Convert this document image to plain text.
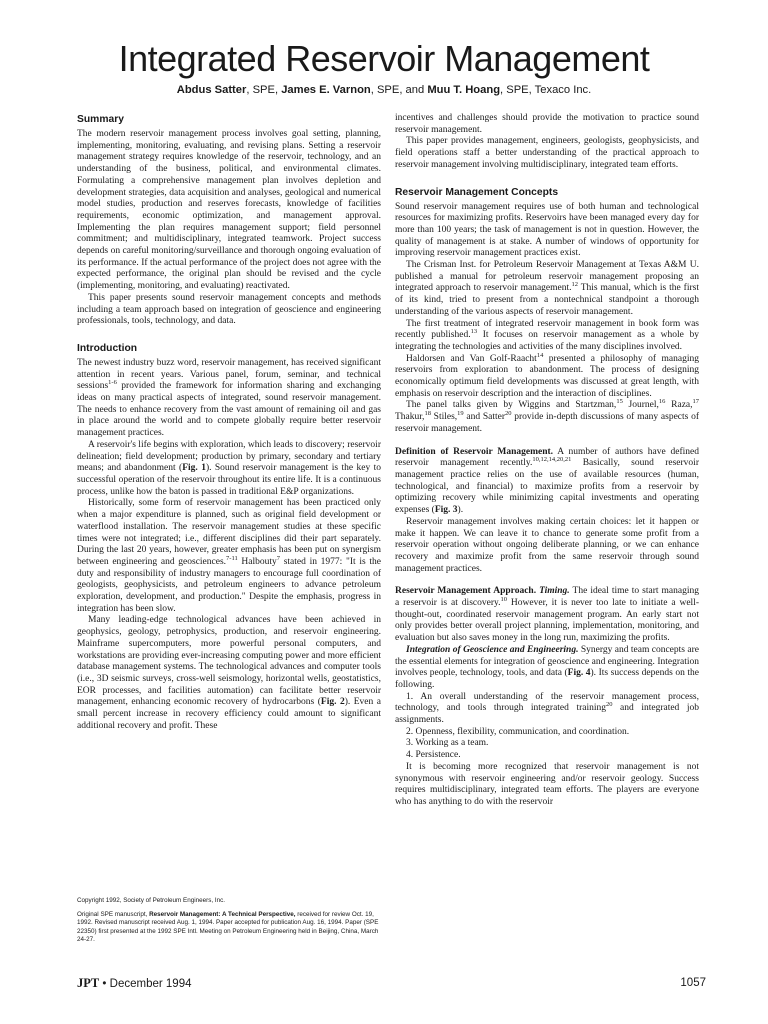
Integrated Reservoir Management

Abdus Satter, SPE, James E. Varnon, SPE, and Muu T. Hoang, SPE, Texaco Inc.

Summary

The modern reservoir management process involves goal setting, planning, implementing, monitoring, evaluating, and revising plans. Setting a reservoir management strategy requires knowledge of the reservoir, technology, and an understanding of the business, political, and environmental climates. Formulating a comprehensive management plan involves depletion and development strategies, data acquisition and analyses, geological and numerical model studies, production and reserves forecasts, knowledge of facilities requirements, economic optimization, and management approval. Implementing the plan requires management support; field personnel commitment; and multidisciplinary, integrated teamwork. Project success depends on careful monitoring/surveillance and thorough ongoing evaluation of its performance. If the actual performance of the project does not agree with the expected performance, the original plan should be revised and the cycle (implementing, monitoring, and evaluating) reactivated.

This paper presents sound reservoir management concepts and methods including a team approach based on integration of geoscience and engineering professionals, tools, technology, and data.

Introduction

The newest industry buzz word, reservoir management, has received significant attention in recent years. Various panel, forum, seminar, and technical sessions$^{1-6}$ provided the framework for information sharing and exchanging ideas on many practical aspects of integrated, sound reservoir management. The needs to enhance recovery from the vast amount of remaining oil and gas in place around the world and to compete globally require better reservoir management practices.

A reservoir's life begins with exploration, which leads to discovery; reservoir delineation; field development; production by primary, secondary and tertiary means; and abandonment (Fig. 1). Sound reservoir management is the key to successful operation of the reservoir throughout its entire life. It is a continuous process, unlike how the baton is passed in traditional E&P organizations.

Historically, some form of reservoir management has been practiced only when a major expenditure is planned, such as original field development or waterflood installation. The reservoir management studies at these specific times were not integrated; i.e., different disciplines did their part separately. During the last 20 years, however, greater emphasis has been put on synergism between engineering and geosciences.$^{7-11}$ Halbouty$^7$ stated in 1977: "It is the duty and responsibility of industry managers to encourage full coordination of geologists, geophysicists, and petroleum engineers to advance petroleum exploration, development, and production." Despite the emphasis, progress in integration has been slow.

Many leading-edge technological advances have been achieved in geophysics, geology, petrophysics, production, and reservoir engineering. Mainframe supercomputers, more powerful personal computers, and workstations are providing ever-increasing computing power and more efficient database management systems. The technological advances and computer tools (i.e., 3D seismic surveys, cross-well seismology, horizontal wells, geostatistics, EOR processes, and facilities automation) can facilitate better reservoir management, enhancing economic recovery of hydrocarbons (Fig. 2). Even a small percent increase in recovery efficiency could amount to significant additional recovery and profit. These

Copyright 1992, Society of Petroleum Engineers, Inc.

Original SPE manuscript, Reservoir Management: A Technical Perspective, received for review Oct. 19, 1992. Revised manuscript received Aug. 1, 1994. Paper accepted for publication Aug. 16, 1994. Paper (SPE 22350) first presented at the 1992 SPE Intl. Meeting on Petroleum Engineering held in Beijing, China, March 24-27.

incentives and challenges should provide the motivation to practice sound reservoir management.

This paper provides management, engineers, geologists, geophysicists, and field operations staff a better understanding of the practical approach to reservoir management involving multidisciplinary, integrated team efforts.

Reservoir Management Concepts

Sound reservoir management requires use of both human and technological resources for maximizing profits. Reservoirs have been managed every day for more than 100 years; the task of management is not in question. However, the quality of management is at stake. A number of windows of opportunity for improving reservoir management practices exist.

The Crisman Inst. for Petroleum Reservoir Management at Texas A&M U. published a manual for petroleum reservoir management proposing an integrated approach to reservoir management.$^{12}$ This manual, which is the first of its kind, tried to present from a nontechnical standpoint a thorough understanding of the various aspects of reservoir management.

The first treatment of integrated reservoir management in book form was recently published.$^{13}$ It focuses on reservoir management as a whole by integrating the technologies and activities of the many disciplines involved.

Haldorsen and Van Golf-Raacht$^{14}$ presented a philosophy of managing reservoirs from exploration to abandonment. The process of designing economically optimum field developments was discussed at great length, with emphasis on reservoir description and the interaction of disciplines.

The panel talks given by Wiggins and Startzman,$^{15}$ Journel,$^{16}$ Raza,$^{17}$ Thakur,$^{18}$ Stiles,$^{19}$ and Satter$^{20}$ provide in-depth discussions of many aspects of reservoir management.

Definition of Reservoir Management. A number of authors have defined reservoir management recently.$^{10,12,14,20,21}$ Basically, sound reservoir management practice relies on the use of available resources (human, technological, and financial) to maximize profits from a reservoir by optimizing recovery while minimizing capital investments and operating expenses (Fig. 3).

Reservoir management involves making certain choices: let it happen or make it happen. We can leave it to chance to generate some profit from a reservoir operation without ongoing deliberate planning, or we can enhance recovery and maximize profit from the same reservoir through sound management practices.

Reservoir Management Approach. Timing. The ideal time to start managing a reservoir is at discovery.$^{10}$ However, it is never too late to initiate a well-thought-out, coordinated reservoir management program. An early start not only provides better overall project planning, implementation, monitoring, and evaluation but also saves money in the long run, maximizing the profits.

Integration of Geoscience and Engineering. Synergy and team concepts are the essential elements for integration of geoscience and engineering. Integration involves people, technology, tools, and data (Fig. 4). Its success depends on the following.

1. An overall understanding of the reservoir management process, technology, and tools through integrated training$^{20}$ and integrated job assignments.

2. Openness, flexibility, communication, and coordination.

3. Working as a team.

4. Persistence.

It is becoming more recognized that reservoir management is not synonymous with reservoir engineering and/or reservoir geology. Success requires multidisciplinary, integrated team efforts. The players are everyone who has anything to do with the reservoir

JPT • December 1994	1057
